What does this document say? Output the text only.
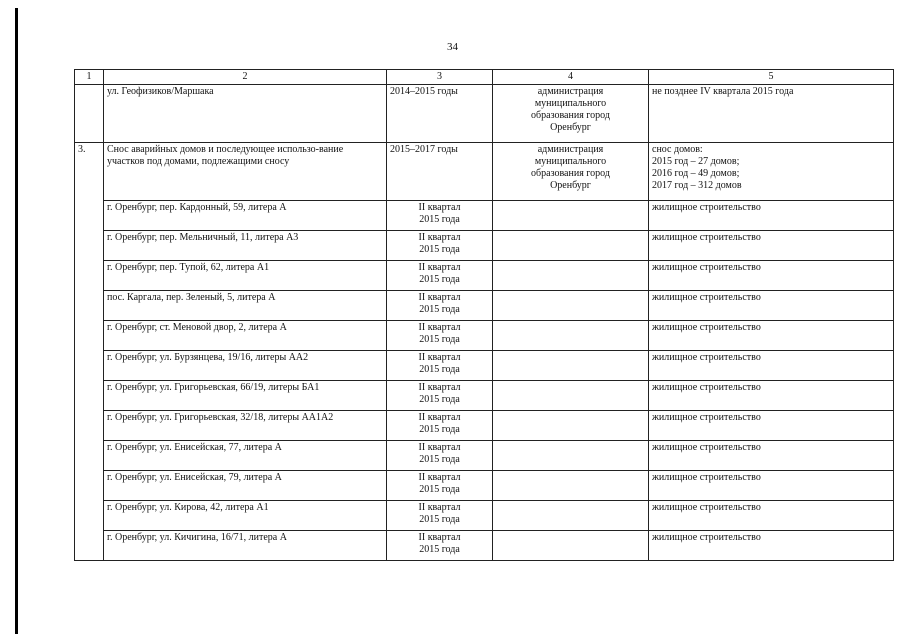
34
1	2	3	4	5
	ул. Геофизиков/Маршака	2014–2015 годы	администрация
муниципального
образования город
Оренбург	не позднее IV квартала 2015 года

3.	Снос аварийных домов и последующее использо-вание участков под домами, подлежащими сносу	2015–2017 годы	администрация
муниципального
образования город
Оренбург	снос домов:
2015 год – 27 домов;
2016 год – 49 домов;
2017 год – 312 домов

	г. Оренбург, пер. Кардонный, 59, литера А	II квартал
2015 года		жилищное строительство
	г. Оренбург, пер. Мельничный, 11, литера А3	II квартал
2015 года		жилищное строительство
	г. Оренбург, пер. Тупой, 62, литера А1	II квартал
2015 года		жилищное строительство
	пос. Каргала, пер. Зеленый, 5, литера А	II квартал
2015 года		жилищное строительство
	г. Оренбург, ст. Меновой двор, 2, литера А	II квартал
2015 года		жилищное строительство
	г. Оренбург, ул. Бурзянцева, 19/16, литеры АА2	II квартал
2015 года		жилищное строительство
	г. Оренбург, ул. Григорьевская, 66/19, литеры БА1	II квартал
2015 года		жилищное строительство
	г. Оренбург, ул. Григорьевская, 32/18, литеры АА1А2	II квартал
2015 года		жилищное строительство
	г. Оренбург, ул. Енисейская, 77, литера А	II квартал
2015 года		жилищное строительство
	г. Оренбург, ул. Енисейская, 79, литера А	II квартал
2015 года		жилищное строительство
	г. Оренбург, ул. Кирова, 42, литера А1	II квартал
2015 года		жилищное строительство
	г. Оренбург, ул. Кичигина, 16/71, литера А	II квартал
2015 года		жилищное строительство
